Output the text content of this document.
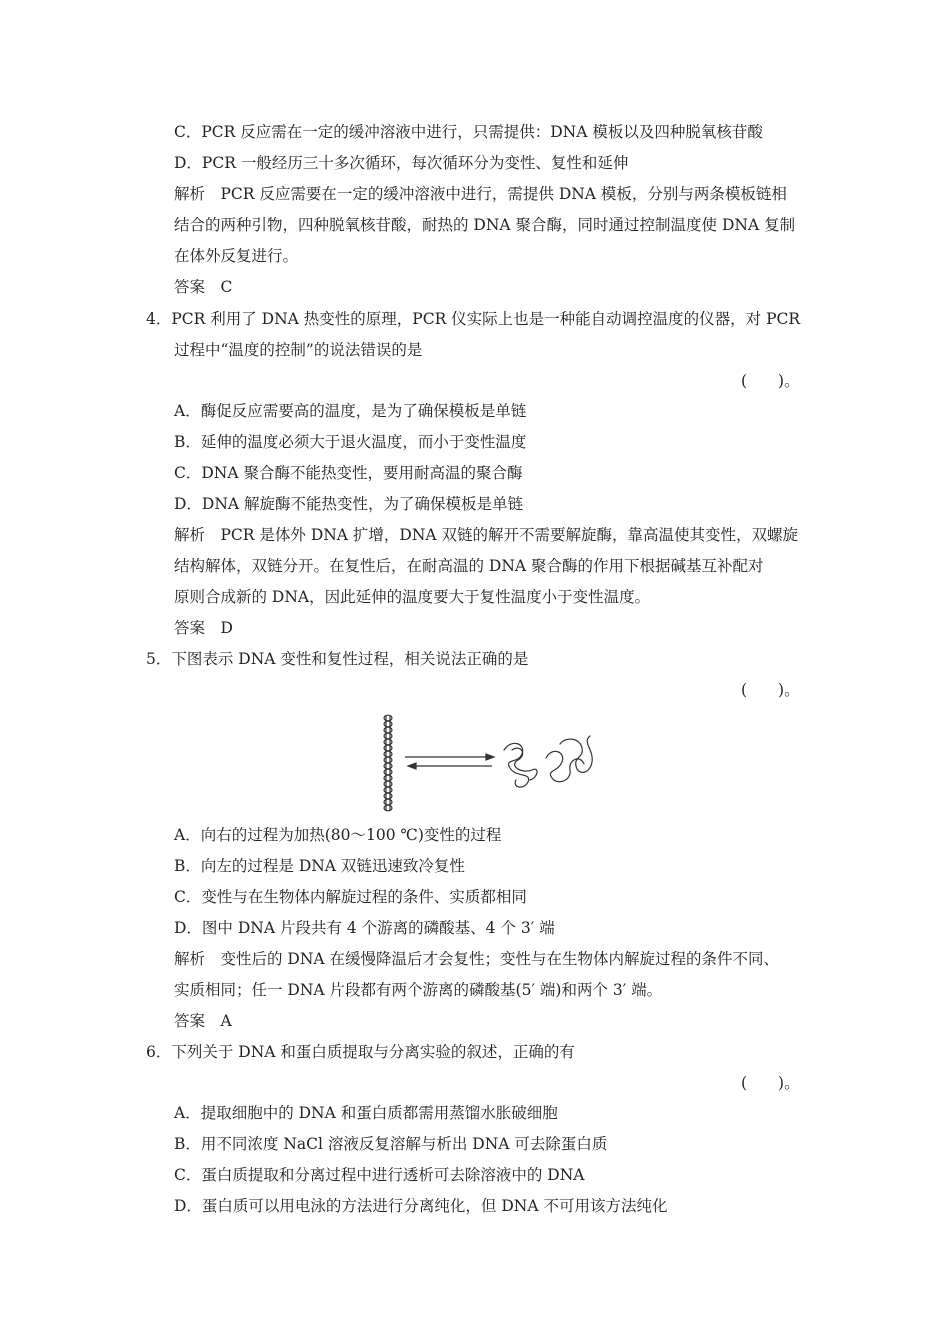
C．PCR 反应需在一定的缓冲溶液中进行，只需提供：DNA 模板以及四种脱氧核苷酸
D．PCR 一般经历三十多次循环，每次循环分为变性、复性和延伸
解析　PCR 反应需要在一定的缓冲溶液中进行，需提供 DNA 模板，分别与两条模板链相
结合的两种引物，四种脱氧核苷酸，耐热的 DNA 聚合酶，同时通过控制温度使 DNA 复制
在体外反复进行。
答案　C
4．PCR 利用了 DNA 热变性的原理，PCR 仪实际上也是一种能自动调控温度的仪器，对 PCR
过程中“温度的控制”的说法错误的是
(　　)。
A．酶促反应需要高的温度，是为了确保模板是单链
B．延伸的温度必须大于退火温度，而小于变性温度
C．DNA 聚合酶不能热变性，要用耐高温的聚合酶
D．DNA 解旋酶不能热变性，为了确保模板是单链
解析　PCR 是体外 DNA 扩增，DNA 双链的解开不需要解旋酶，靠高温使其变性，双螺旋
结构解体，双链分开。在复性后，在耐高温的 DNA 聚合酶的作用下根据碱基互补配对
原则合成新的 DNA，因此延伸的温度要大于复性温度小于变性温度。
答案　D
5．下图表示 DNA 变性和复性过程，相关说法正确的是
(　　)。
A．向右的过程为加热(80～100 ℃)变性的过程
B．向左的过程是 DNA 双链迅速致冷复性
C．变性与在生物体内解旋过程的条件、实质都相同
D．图中 DNA 片段共有 4 个游离的磷酸基、4 个 3′ 端
解析　变性后的 DNA 在缓慢降温后才会复性；变性与在生物体内解旋过程的条件不同、
实质相同；任一 DNA 片段都有两个游离的磷酸基(5′ 端)和两个 3′ 端。
答案　A
6．下列关于 DNA 和蛋白质提取与分离实验的叙述，正确的有
(　　)。
A．提取细胞中的 DNA 和蛋白质都需用蒸馏水胀破细胞
B．用不同浓度 NaCl 溶液反复溶解与析出 DNA 可去除蛋白质
C．蛋白质提取和分离过程中进行透析可去除溶液中的 DNA
D．蛋白质可以用电泳的方法进行分离纯化，但 DNA 不可用该方法纯化
